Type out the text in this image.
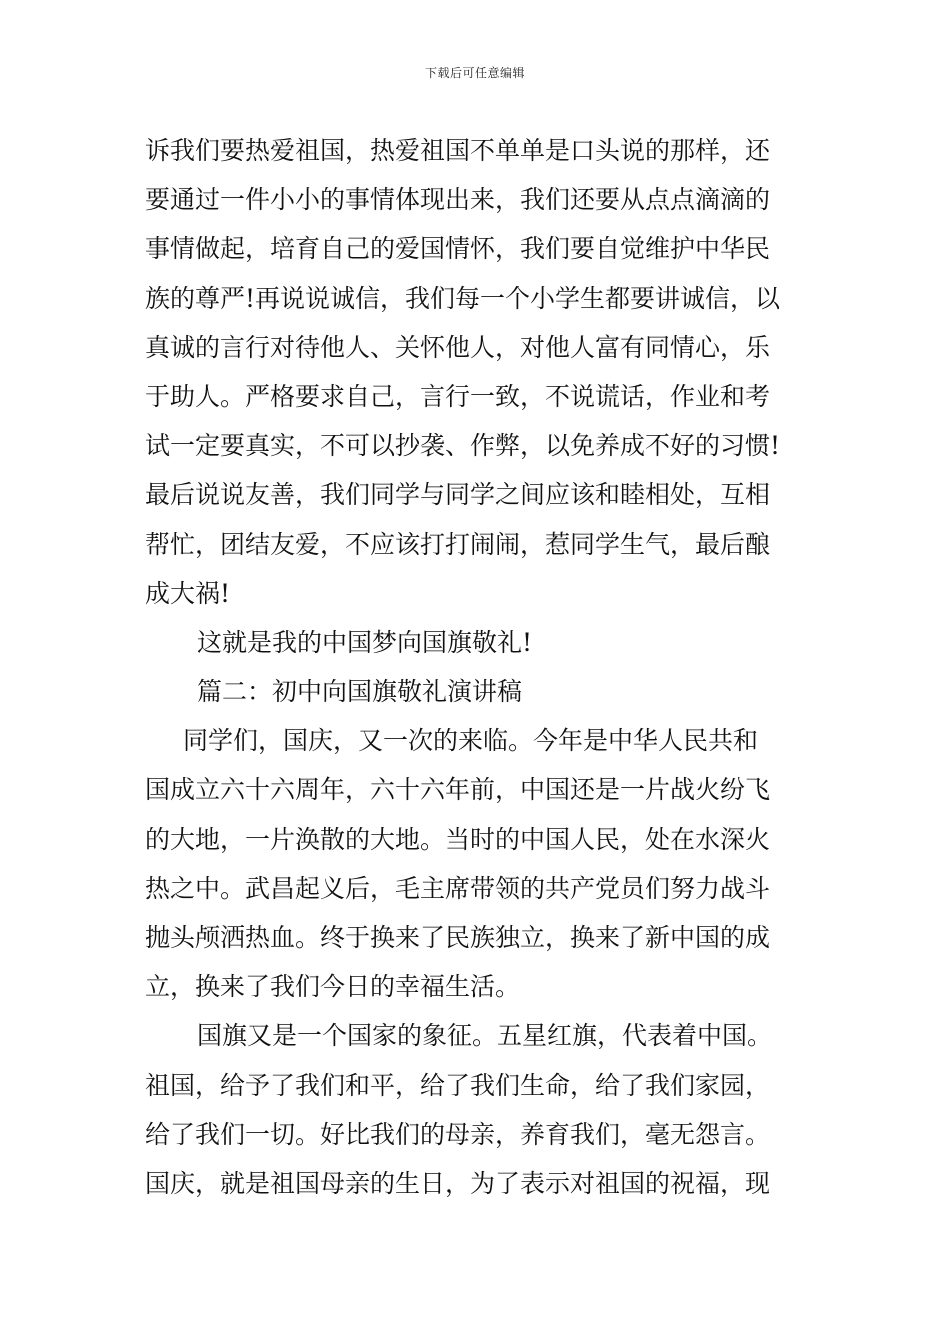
下载后可任意编辑
诉我们要热爱祖国，热爱祖国不单单是口头说的那样，还
要通过一件小小的事情体现出来，我们还要从点点滴滴的
事情做起，培育自己的爱国情怀，我们要自觉维护中华民
族的尊严!再说说诚信，我们每一个小学生都要讲诚信，以
真诚的言行对待他人、关怀他人，对他人富有同情心，乐
于助人。严格要求自己，言行一致，不说谎话，作业和考
试一定要真实，不可以抄袭、作弊，以免养成不好的习惯!
最后说说友善，我们同学与同学之间应该和睦相处，互相
帮忙，团结友爱，不应该打打闹闹，惹同学生气，最后酿
成大祸!
这就是我的中国梦向国旗敬礼!
篇二：初中向国旗敬礼演讲稿
同学们，国庆，又一次的来临。今年是中华人民共和
国成立六十六周年，六十六年前，中国还是一片战火纷飞
的大地，一片涣散的大地。当时的中国人民，处在水深火
热之中。武昌起义后，毛主席带领的共产党员们努力战斗
抛头颅洒热血。终于换来了民族独立，换来了新中国的成
立，换来了我们今日的幸福生活。
国旗又是一个国家的象征。五星红旗，代表着中国。
祖国，给予了我们和平，给了我们生命，给了我们家园，
给了我们一切。好比我们的母亲，养育我们，毫无怨言。
国庆，就是祖国母亲的生日，为了表示对祖国的祝福，现
